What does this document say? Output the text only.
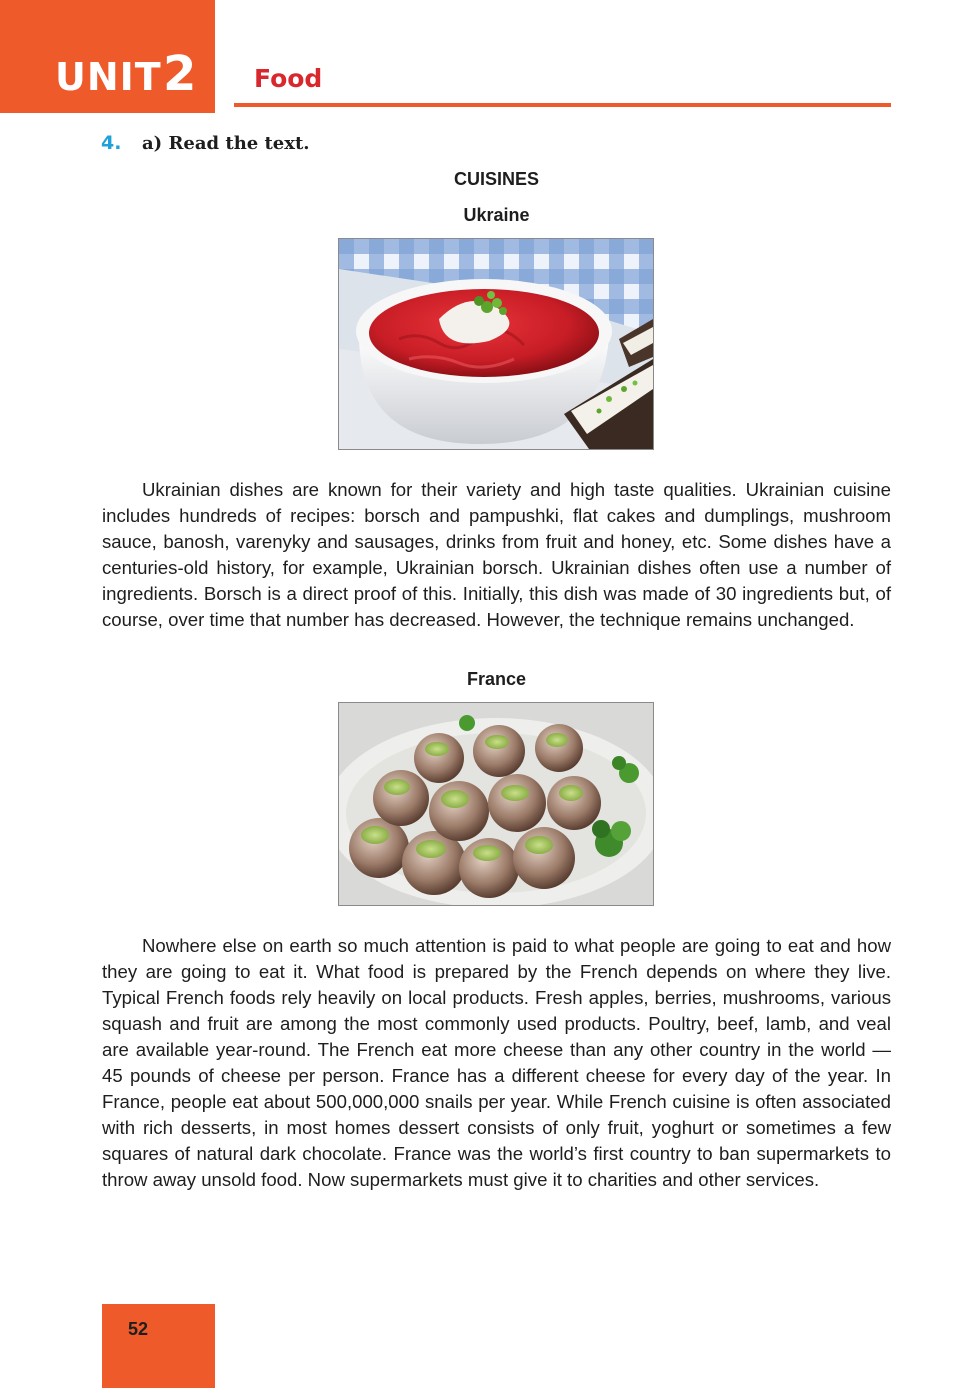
UNIT 2 Food
4. a) Read the text.
CUISINES
Ukraine

Ukrainian dishes are known for their variety and high taste qualities. Ukrainian cuisine includes hundreds of recipes: borsch and pampushki, flat cakes and dumplings, mushroom sauce, banosh, varenyky and sausages, drinks from fruit and honey, etc. Some dishes have a centuries-old history, for example, Ukrainian borsch. Ukrainian dishes often use a number of ingredients. Borsch is a direct proof of this. Initially, this dish was made of 30 ingredients but, of course, over time that number has decreased. However, the technique remains unchanged.

France

Nowhere else on earth so much attention is paid to what people are going to eat and how they are going to eat it. What food is prepared by the French depends on where they live. Typical French foods rely heavily on local products. Fresh apples, berries, mushrooms, various squash and fruit are among the most commonly used products. Poultry, beef, lamb, and veal are available year-round. The French eat more cheese than any other country in the world — 45 pounds of cheese per person. France has a different cheese for every day of the year. In France, people eat about 500,000,000 snails per year. While French cuisine is often associated with rich desserts, in most homes dessert consists of only fruit, yoghurt or sometimes a few squares of natural dark chocolate. France was the world’s first country to ban supermarkets to throw away unsold food. Now supermarkets must give it to charities and other services.

52
